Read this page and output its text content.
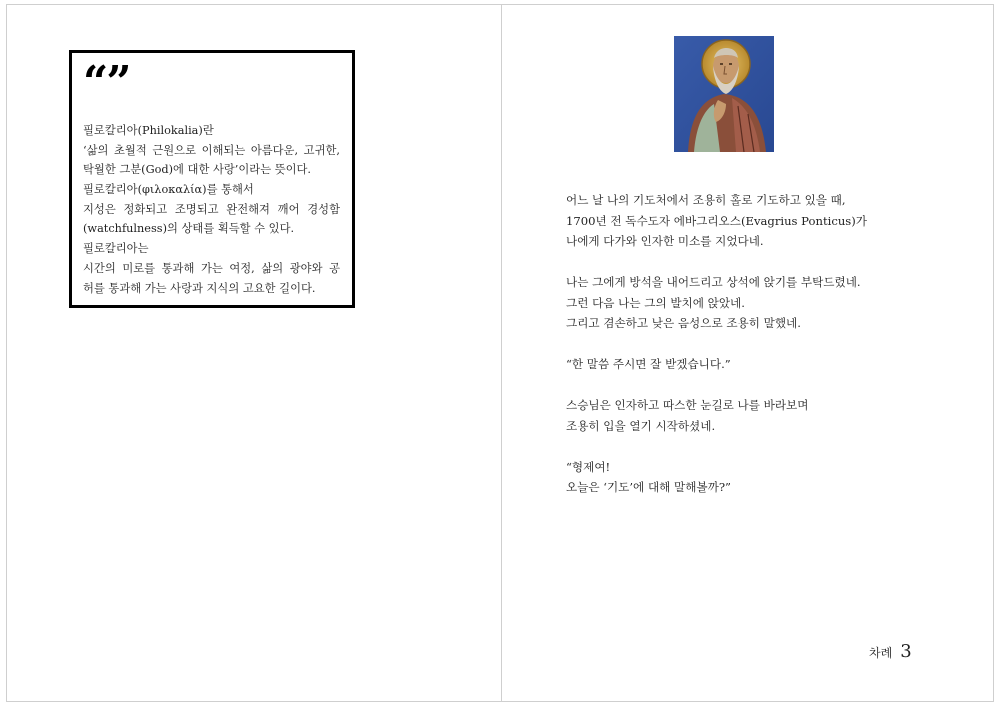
“”
필로칼리아(Philokalia)란
‘삶의 초월적 근원으로 이해되는 아름다운, 고귀한,
탁월한 그분(God)에 대한 사랑’이라는 뜻이다.
필로칼리아(φιλοκαλία)를 통해서
지성은 정화되고 조명되고 완전해져 깨어 경성함
(watchfulness)의 상태를 획득할 수 있다.
필로칼리아는
시간의 미로를 통과해 가는 여정, 삶의 광야와 공
허를 통과해 가는 사랑과 지식의 고요한 길이다.
어느 날 나의 기도처에서 조용히 홀로 기도하고 있을 때,
1700년 전 독수도자 에바그리오스(Evagrius Ponticus)가
나에게 다가와 인자한 미소를 지었다네.
나는 그에게 방석을 내어드리고 상석에 앉기를 부탁드렸네.
그런 다음 나는 그의 발치에 앉았네.
그리고 겸손하고 낮은 음성으로 조용히 말했네.
“한 말씀 주시면 잘 받겠습니다.”
스승님은 인자하고 따스한 눈길로 나를 바라보며
조용히 입을 열기 시작하셨네.
“형제여!
오늘은 ‘기도’에 대해 말해볼까?”
차례 3
